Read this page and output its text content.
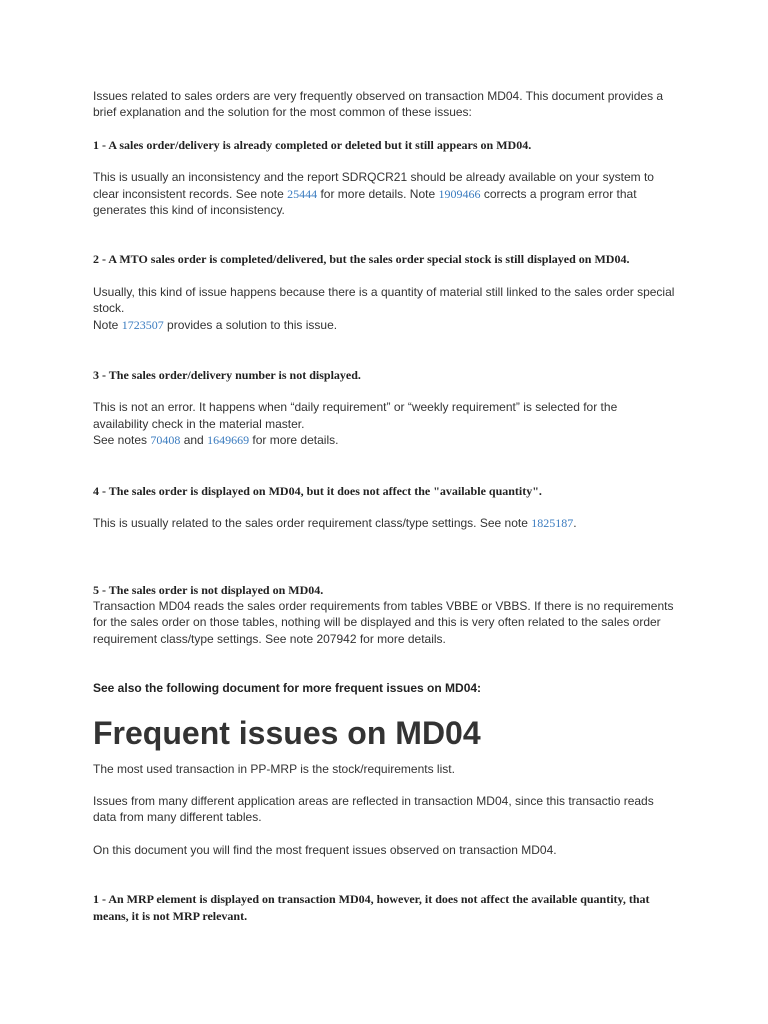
Issues related to sales orders are very frequently observed on transaction MD04. This document provides a brief explanation and the solution for the most common of these issues:

1 - A sales order/delivery is already completed or deleted but it still appears on MD04.

This is usually an inconsistency and the report SDRQCR21 should be already available on your system to clear inconsistent records. See note 25444 for more details. Note 1909466 corrects a program error that generates this kind of inconsistency.

2 - A MTO sales order is completed/delivered, but the sales order special stock is still displayed on MD04.

Usually, this kind of issue happens because there is a quantity of material still linked to the sales order special stock.
Note 1723507 provides a solution to this issue.

3 - The sales order/delivery number is not displayed.

This is not an error. It happens when “daily requirement” or “weekly requirement” is selected for the availability check in the material master.
See notes 70408 and 1649669 for more details.

4 - The sales order is displayed on MD04, but it does not affect the "available quantity".

This is usually related to the sales order requirement class/type settings. See note 1825187.

5 - The sales order is not displayed on MD04.

Transaction MD04 reads the sales order requirements from tables VBBE or VBBS. If there is no requirements for the sales order on those tables, nothing will be displayed and this is very often related to the sales order requirement class/type settings. See note 207942 for more details.

See also the following document for more frequent issues on MD04:

Frequent issues on MD04

The most used transaction in PP-MRP is the stock/requirements list.

Issues from many different application areas are reflected in transaction MD04, since this transactio reads data from many different tables.

On this document you will find the most frequent issues observed on transaction MD04.

1 - An MRP element is displayed on transaction MD04, however, it does not affect the available quantity, that means, it is not MRP relevant.
